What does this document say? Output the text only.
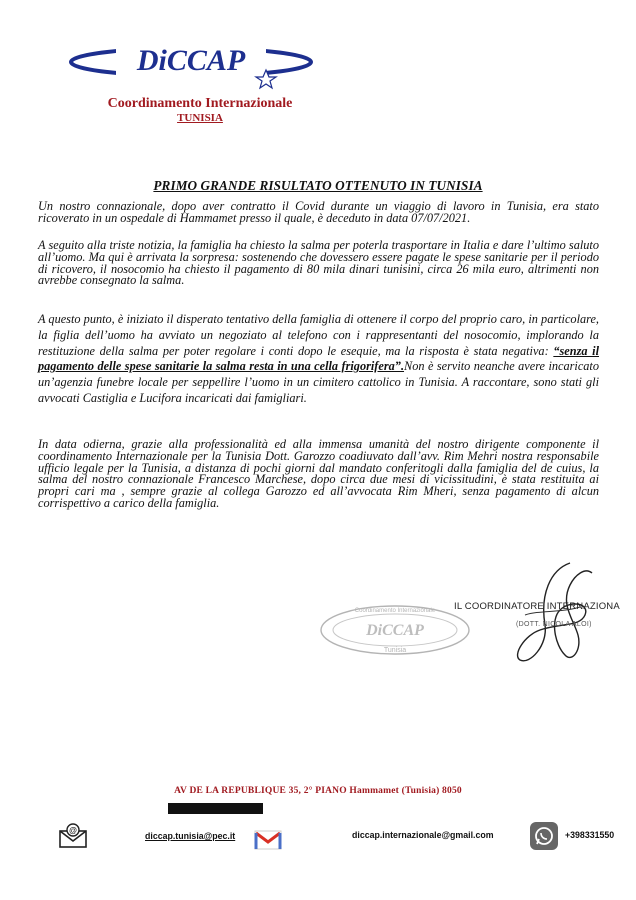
DiCCAP
Coordinamento Internazionale
TUNISIA
PRIMO GRANDE RISULTATO OTTENUTO IN TUNISIA
Un nostro connazionale, dopo aver contratto il Covid durante un viaggio di lavoro in Tunisia, era stato ricoverato in un ospedale di Hammamet presso il quale, è deceduto in data 07/07/2021.
A seguito alla triste notizia, la famiglia ha chiesto la salma per poterla trasportare in Italia e dare l’ultimo saluto all’uomo. Ma qui è arrivata la sorpresa: sostenendo che dovessero essere pagate le spese sanitarie per il periodo di ricovero, il nosocomio ha chiesto il pagamento di 80 mila dinari tunisini, circa 26 mila euro, altrimenti non avrebbe consegnato la salma.
A questo punto, è iniziato il disperato tentativo della famiglia di ottenere il corpo del proprio caro, in particolare, la figlia dell’uomo ha avviato un negoziato al telefono con i rappresentanti del nosocomio, implorando la restituzione della salma per poter regolare i conti dopo le esequie, ma la risposta è stata negativa: “senza il pagamento delle spese sanitarie la salma resta in una cella frigorifera”.Non è servito neanche avere incaricato un’agenzia funebre locale per seppellire l’uomo in un cimitero cattolico in Tunisia. A raccontare, sono stati gli avvocati Castiglia e Lucifora incaricati dai famigliari.
In data odierna, grazie alla professionalità ed alla immensa umanità del nostro dirigente componente il coordinamento Internazionale per la Tunisia Dott. Garozzo coadiuvato dall’avv. Rim Mehri nostra responsabile ufficio legale per la Tunisia, a distanza di pochi giorni dal mandato conferitogli dalla famiglia del de cuius, la salma del nostro connazionale Francesco Marchese, dopo circa due mesi di vicissitudini, è stata restituita ai propri cari ma , sempre grazie al collega Garozzo ed all’avvocata Rim Mheri, senza pagamento di alcun corrispettivo a carico della famiglia.
Coordinamento Internazionale
DiCCAP
Tunisia
IL COORDINATORE INTERNAZIONA
(DOTT. NICOLA ALOI)
AV DE LA REPUBLIQUE 35, 2° PIANO Hammamet (Tunisia) 8050
@
diccap.tunisia@pec.it	diccap.internazionale@gmail.com	+398331550
